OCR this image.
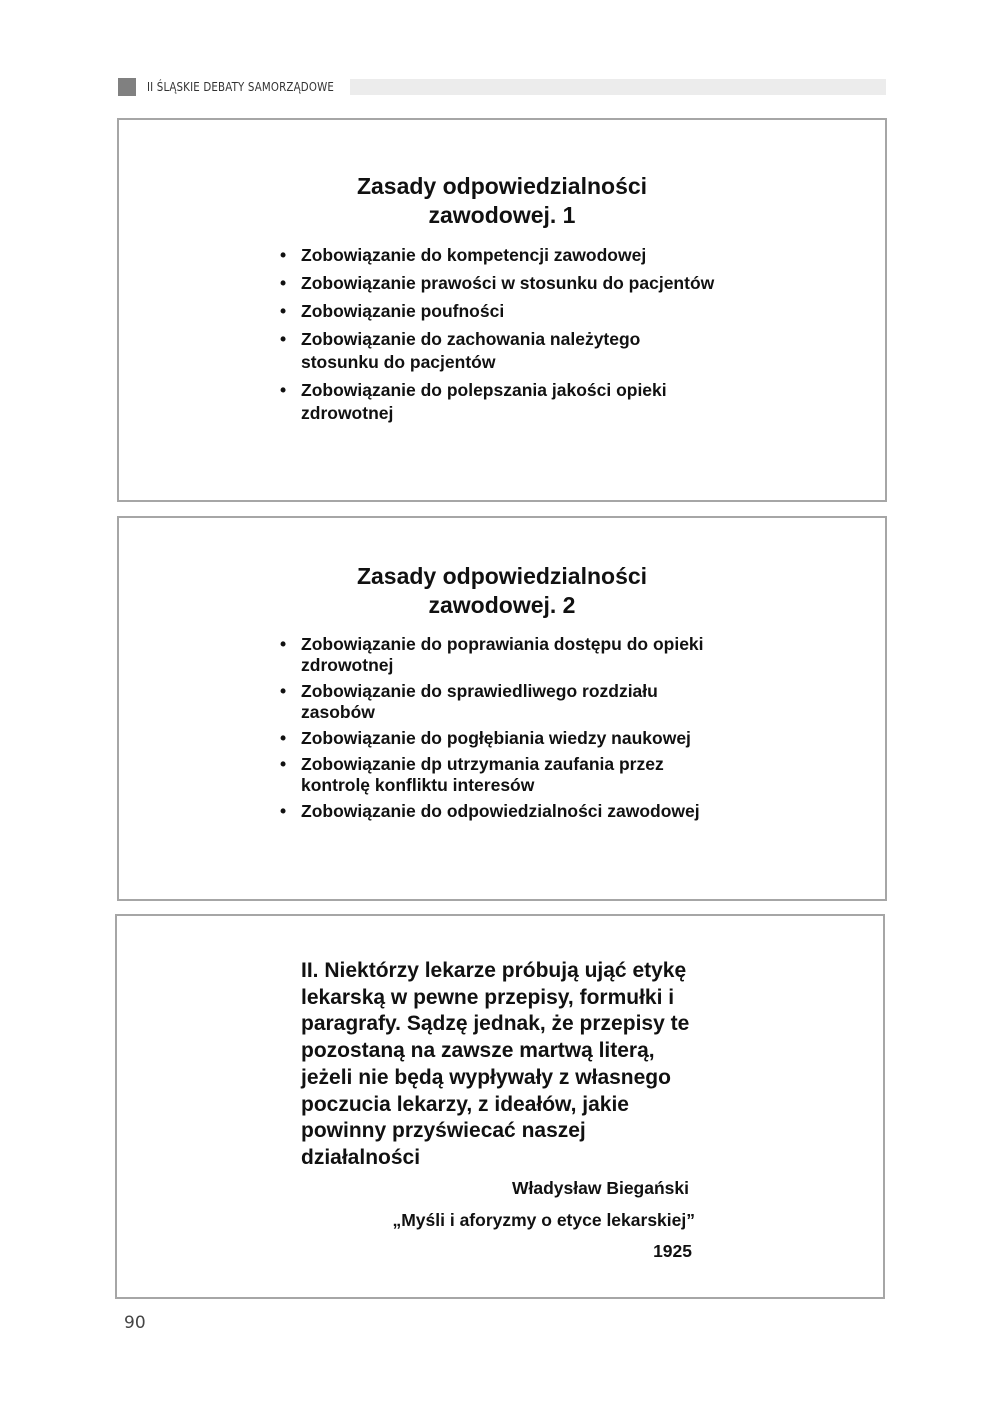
II ŚLĄSKIE DEBATY SAMORZĄDOWE
Zasady odpowiedzialności
zawodowej. 1
• Zobowiązanie do kompetencji zawodowej
• Zobowiązanie prawości w stosunku do pacjentów
• Zobowiązanie poufności
• Zobowiązanie do zachowania należytego stosunku do pacjentów
• Zobowiązanie do polepszania jakości opieki zdrowotnej
Zasady odpowiedzialności
zawodowej. 2
• Zobowiązanie do poprawiania dostępu do opieki zdrowotnej
• Zobowiązanie do sprawiedliwego rozdziału zasobów
• Zobowiązanie do pogłębiania wiedzy naukowej
• Zobowiązanie dp utrzymania zaufania przez kontrolę konfliktu interesów
• Zobowiązanie do odpowiedzialności zawodowej
II. Niektórzy lekarze próbują ująć etykę
lekarską w pewne przepisy, formułki i
paragrafy. Sądzę jednak, że przepisy te
pozostaną na zawsze martwą literą,
jeżeli nie będą wypływały z własnego
poczucia lekarzy, z ideałów, jakie
powinny przyświecać naszej
działalności
Władysław Biegański
„Myśli i aforyzmy o etyce lekarskiej”
1925
90
